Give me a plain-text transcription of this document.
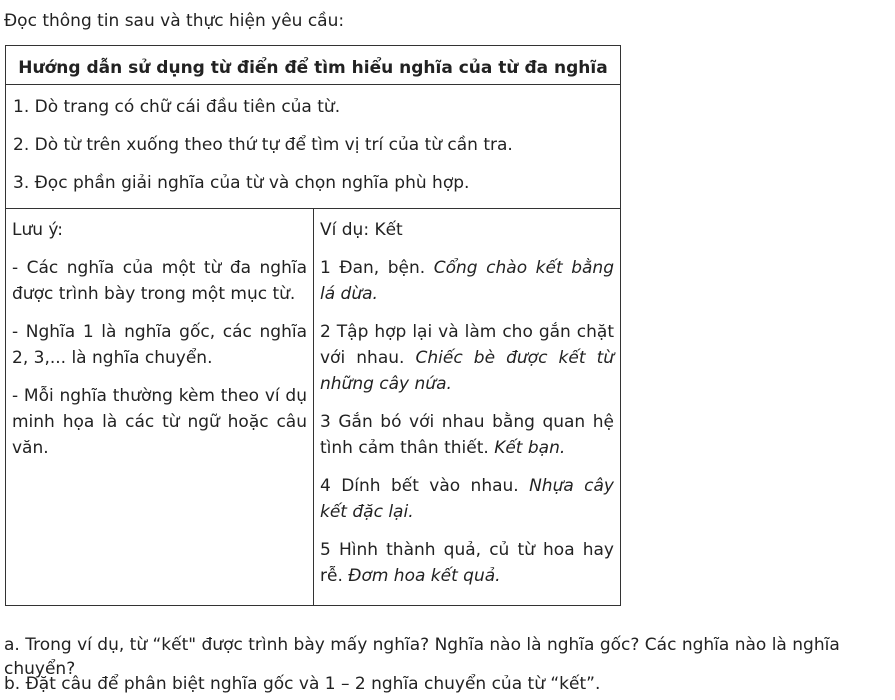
Đọc thông tin sau và thực hiện yêu cầu:
Hướng dẫn sử dụng từ điển để tìm hiểu nghĩa của từ đa nghĩa

1. Dò trang có chữ cái đầu tiên của từ.

2. Dò từ trên xuống theo thứ tự để tìm vị trí của từ cần tra.

3. Đọc phần giải nghĩa của từ và chọn nghĩa phù hợp.

Lưu ý:

- Các nghĩa của một từ đa nghĩa được trình bày trong một mục từ.

- Nghĩa 1 là nghĩa gốc, các nghĩa 2, 3,... là nghĩa chuyển.

- Mỗi nghĩa thường kèm theo ví dụ minh họa là các từ ngữ hoặc câu văn.

Ví dụ: Kết

1 Đan, bện. Cổng chào kết bằng lá dừa.

2 Tập hợp lại và làm cho gắn chặt với nhau. Chiếc bè được kết từ những cây nứa.

3 Gắn bó với nhau bằng quan hệ tình cảm thân thiết. Kết bạn.

4 Dính bết vào nhau. Nhựa cây kết đặc lại.

5 Hình thành quả, củ từ hoa hay rễ. Đơm hoa kết quả.

a. Trong ví dụ, từ “kết" được trình bày mấy nghĩa? Nghĩa nào là nghĩa gốc? Các nghĩa nào là nghĩa chuyển?
b. Đặt câu để phân biệt nghĩa gốc và 1 – 2 nghĩa chuyển của từ “kết”.
